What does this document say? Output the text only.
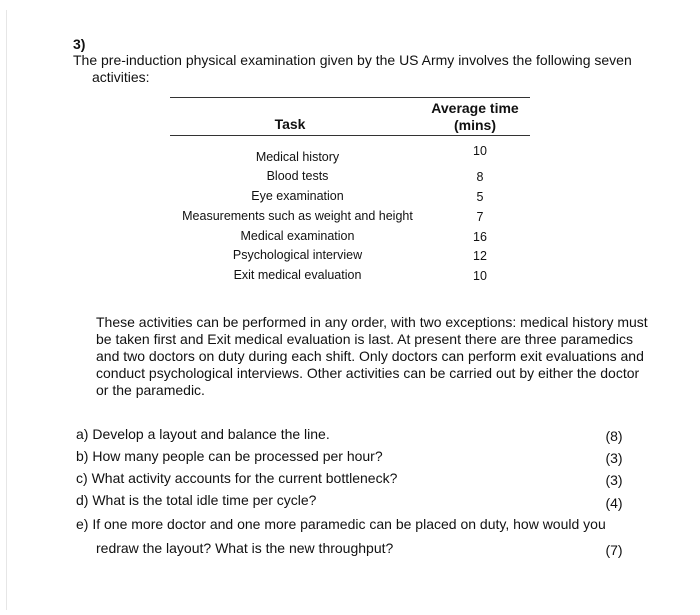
3)
The pre-induction physical examination given by the US Army involves the following seven
activities:
Task
Average time (mins)
Medical history	10
Blood tests	8
Eye examination	5
Measurements such as weight and height	7
Medical examination	16
Psychological interview	12
Exit medical evaluation	10
These activities can be performed in any order, with two exceptions: medical history must
be taken first and Exit medical evaluation is last. At present there are three paramedics
and two doctors on duty during each shift. Only doctors can perform exit evaluations and
conduct psychological interviews. Other activities can be carried out by either the doctor
or the paramedic.
a) Develop a layout and balance the line.	(8)
b) How many people can be processed per hour?	(3)
c) What activity accounts for the current bottleneck?	(3)
d) What is the total idle time per cycle?	(4)
e) If one more doctor and one more paramedic can be placed on duty, how would you
redraw the layout? What is the new throughput?	(7)
